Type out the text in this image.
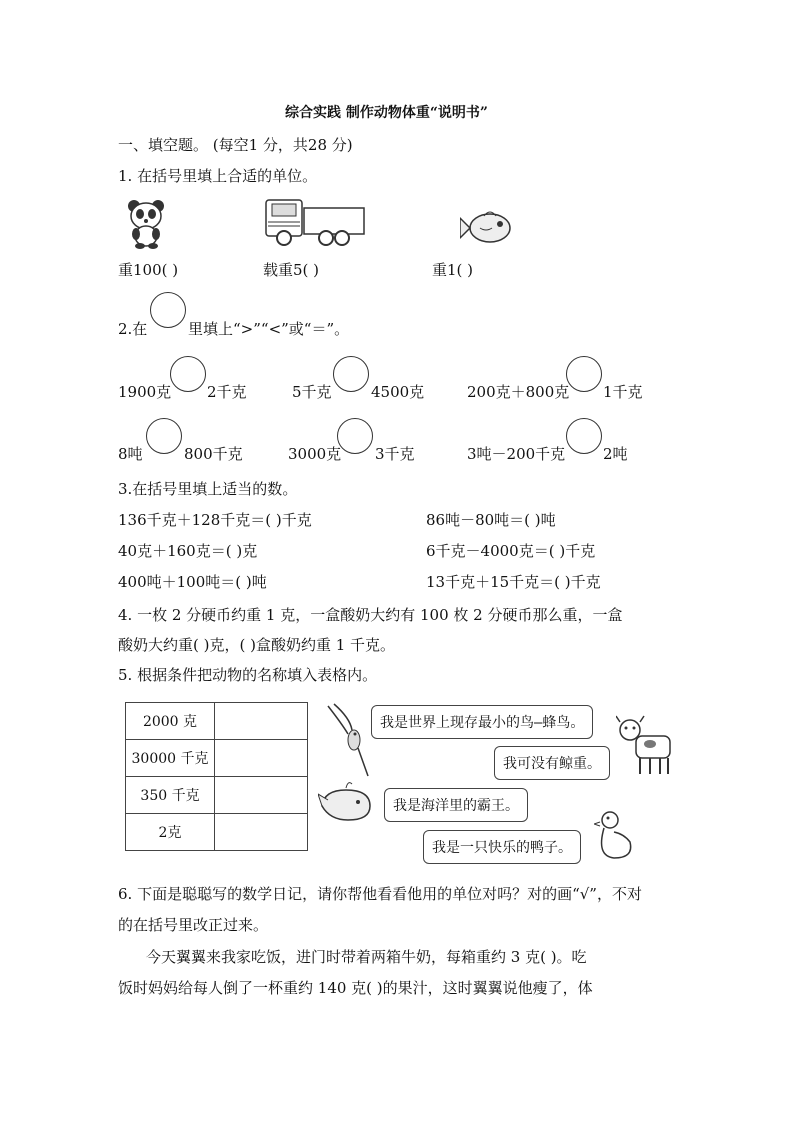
综合实践 制作动物体重“说明书”
一、填空题。 (每空1 分，共28 分)
1. 在括号里填上合适的单位。
重100( )	载重5( )	重1( )
2.在	里填上“>”“<”或“＝”。
1900克 2千克	5千克	4500克	200克＋800克 1千克
8吨	800千克	3000克 3千克	3吨－200千克	2吨
3.在括号里填上适当的数。
136千克＋128千克＝( )千克	86吨－80吨＝( )吨
40克＋160克＝( )克	6千克－4000克＝( )千克
400吨＋100吨＝( )吨	13千克＋15千克＝( )千克
4. 一枚 2 分硬币约重 1 克，一盒酸奶大约有 100 枚 2 分硬币那么重，一盒
酸奶大约重( )克，( )盒酸奶约重 1 千克。
5. 根据条件把动物的名称填入表格内。
2000 克	
30000 千克	
350 千克	
2克	
我是世界上现存最小的鸟—蜂鸟。
我可没有鲸重。
我是海洋里的霸王。
我是一只快乐的鸭子。
6. 下面是聪聪写的数学日记，请你帮他看看他用的单位对吗？对的画“√”，不对
的在括号里改正过来。
今天翼翼来我家吃饭，进门时带着两箱牛奶，每箱重约 3 克( )。吃
饭时妈妈给每人倒了一杯重约 140 克( )的果汁，这时翼翼说他瘦了，体
